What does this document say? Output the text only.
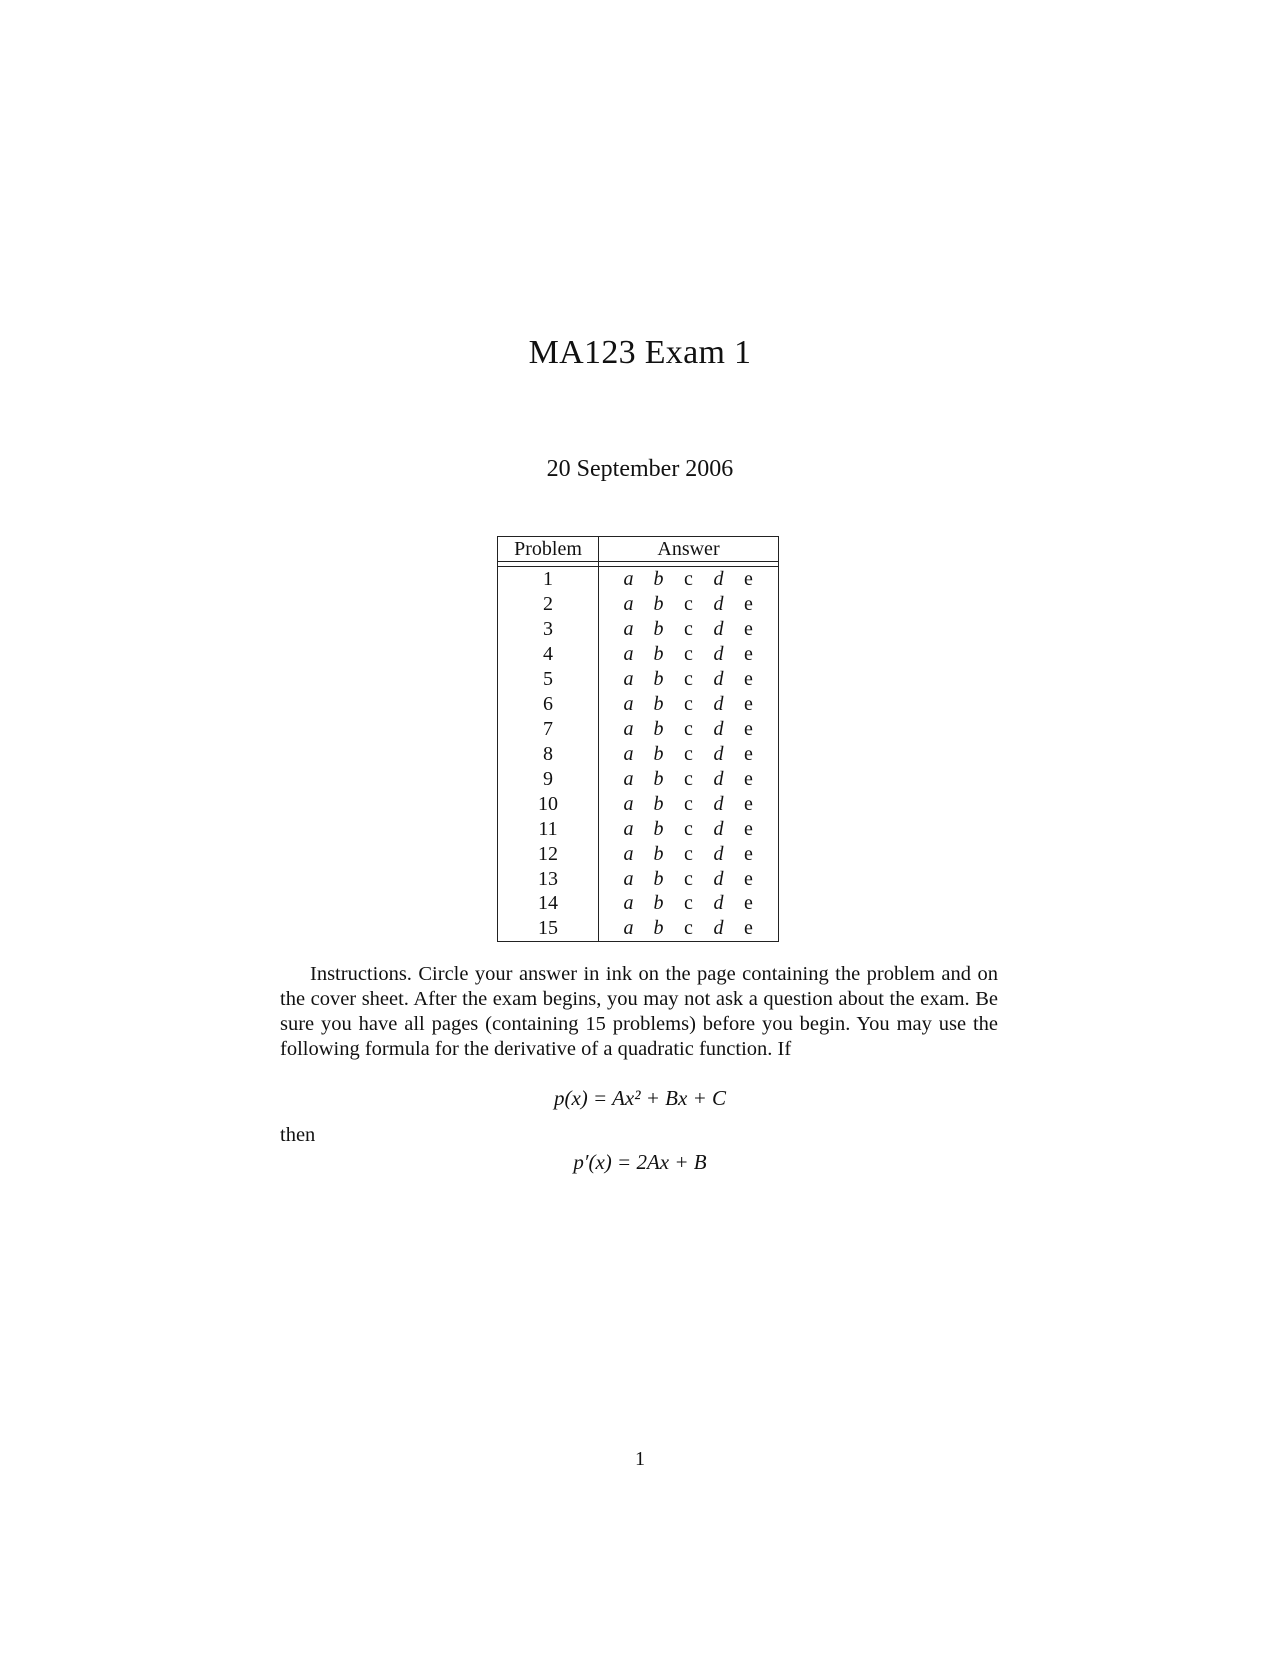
MA123 Exam 1
20 September 2006
Problem	Answer

1	a b c d e

2	a b c d e

3	a b c d e

4	a b c d e

5	a b c d e

6	a b c d e

7	a b c d e

8	a b c d e

9	a b c d e

10	a b c d e

11	a b c d e

12	a b c d e

13	a b c d e

14	a b c d e

15	a b c d e
Instructions. Circle your answer in ink on the page containing the problem and on the cover sheet. After the exam begins, you may not ask a question about the exam. Be sure you have all pages (containing 15 problems) before you begin. You may use the following formula for the derivative of a quadratic function. If
p(x) = Ax² + Bx + C
then
p′(x) = 2Ax + B
1
